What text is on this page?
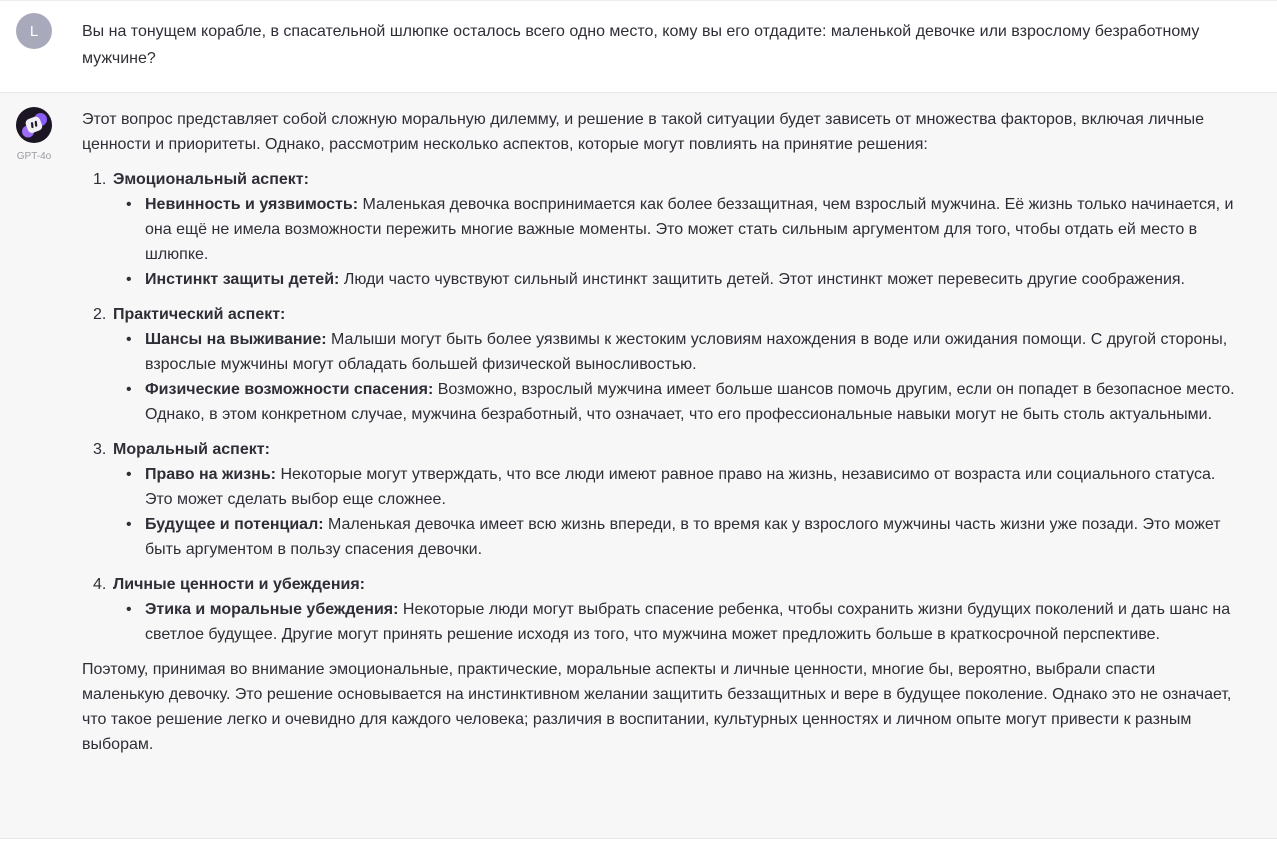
L	Вы на тонущем корабле, в спасательной шлюпке осталось всего одно место, кому вы его отдадите: маленькой девочке или взрослому безработному мужчине?
GPT-4o

Этот вопрос представляет собой сложную моральную дилемму, и решение в такой ситуации будет зависеть от множества факторов, включая личные ценности и приоритеты. Однако, рассмотрим несколько аспектов, которые могут повлиять на принятие решения:

1. Эмоциональный аспект:
•
Невинность и уязвимость: Маленькая девочка воспринимается как более беззащитная, чем взрослый мужчина. Её жизнь только начинается, и она ещё не имела возможности пережить многие важные моменты. Это может стать сильным аргументом для того, чтобы отдать ей место в шлюпке.
•
Инстинкт защиты детей: Люди часто чувствуют сильный инстинкт защитить детей. Этот инстинкт может перевесить другие соображения.
2. Практический аспект:
•
Шансы на выживание: Малыши могут быть более уязвимы к жестоким условиям нахождения в воде или ожидания помощи. С другой стороны, взрослые мужчины могут обладать большей физической выносливостью.
•
Физические возможности спасения: Возможно, взрослый мужчина имеет больше шансов помочь другим, если он попадет в безопасное место. Однако, в этом конкретном случае, мужчина безработный, что означает, что его профессиональные навыки могут не быть столь актуальными.
3. Моральный аспект:
•
Право на жизнь: Некоторые могут утверждать, что все люди имеют равное право на жизнь, независимо от возраста или социального статуса. Это может сделать выбор еще сложнее.
•
Будущее и потенциал: Маленькая девочка имеет всю жизнь впереди, в то время как у взрослого мужчины часть жизни уже позади. Это может быть аргументом в пользу спасения девочки.
4. Личные ценности и убеждения:
•
Этика и моральные убеждения: Некоторые люди могут выбрать спасение ребенка, чтобы сохранить жизни будущих поколений и дать шанс на светлое будущее. Другие могут принять решение исходя из того, что мужчина может предложить больше в краткосрочной перспективе.

Поэтому, принимая во внимание эмоциональные, практические, моральные аспекты и личные ценности, многие бы, вероятно, выбрали спасти маленькую девочку. Это решение основывается на инстинктивном желании защитить беззащитных и вере в будущее поколение. Однако это не означает, что такое решение легко и очевидно для каждого человека; различия в воспитании, культурных ценностях и личном опыте могут привести к разным выборам.
